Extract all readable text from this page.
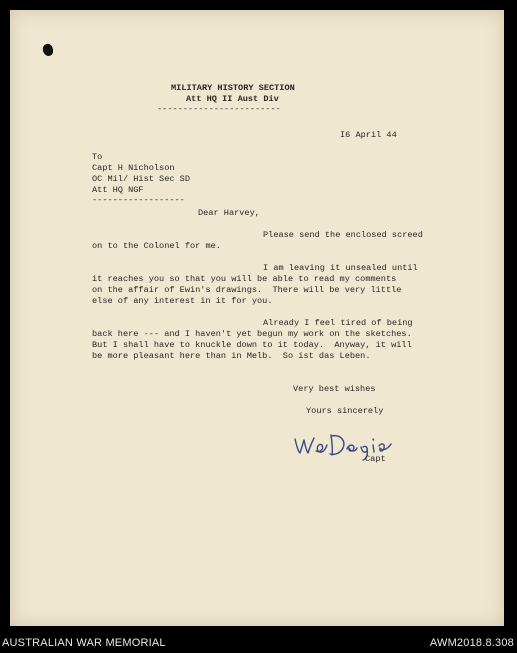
MILITARY HISTORY SECTION
Att HQ II Aust Div
------------------------
I6 April 44
To
Capt H Nicholson
OC Mil/ Hist Sec SD
Att HQ NGF
------------------
Dear Harvey,
Please send the enclosed screed
on to the Colonel for me.
I am leaving it unsealed until
it reaches you so that you will be able to read my comments
on the affair of Ewin's drawings.  There will be very little
else of any interest in it for you.
Already I feel tired of being
back here --- and I haven't yet begun my work on the sketches.
But I shall have to knuckle down to it today.  Anyway, it will
be more pleasant here than in Melb.  So ist das Leben.
Very best wishes
Yours sincerely
Capt
AUSTRALIAN WAR MEMORIAL	AWM2018.8.308
